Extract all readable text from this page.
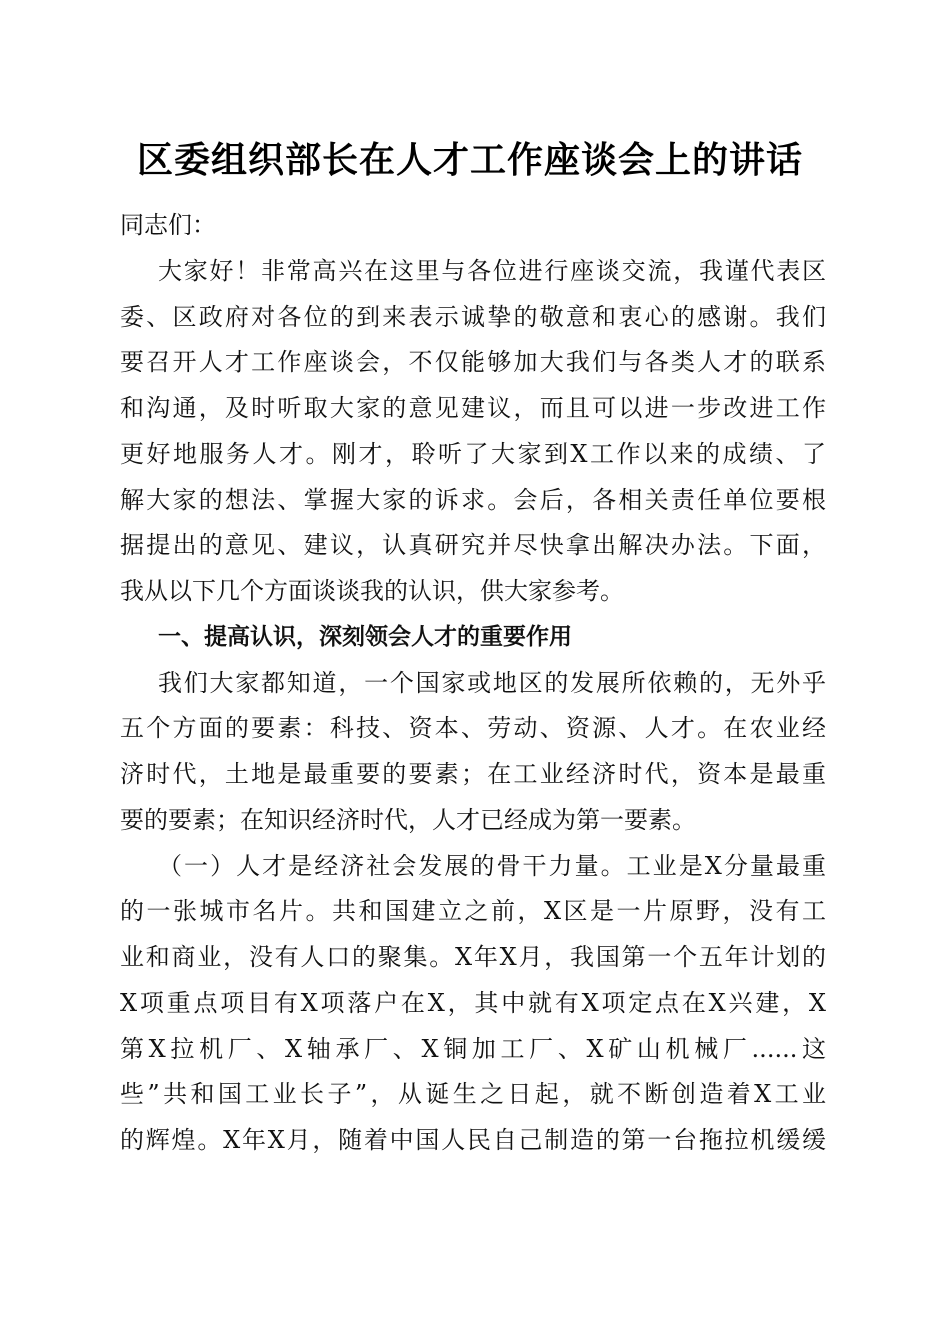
区委组织部长在人才工作座谈会上的讲话
同志们：
大家好！非常高兴在这里与各位进行座谈交流，我谨代表区
委、区政府对各位的到来表示诚挚的敬意和衷心的感谢。我们
要召开人才工作座谈会，不仅能够加大我们与各类人才的联系
和沟通，及时听取大家的意见建议，而且可以进一步改进工作
更好地服务人才。刚才，聆听了大家到X工作以来的成绩、了
解大家的想法、掌握大家的诉求。会后，各相关责任单位要根
据提出的意见、建议，认真研究并尽快拿出解决办法。下面，
我从以下几个方面谈谈我的认识，供大家参考。
一、提高认识，深刻领会人才的重要作用
我们大家都知道，一个国家或地区的发展所依赖的，无外乎
五个方面的要素：科技、资本、劳动、资源、人才。在农业经
济时代，土地是最重要的要素；在工业经济时代，资本是最重
要的要素；在知识经济时代，人才已经成为第一要素。
（一）人才是经济社会发展的骨干力量。工业是X分量最重
的一张城市名片。共和国建立之前，X区是一片原野，没有工
业和商业，没有人口的聚集。X年X月，我国第一个五年计划的
X项重点项目有X项落户在X，其中就有X项定点在X兴建，X
第X拉机厂、X轴承厂、X铜加工厂、X矿山机械厂......这
些”共和国工业长子”，从诞生之日起，就不断创造着X工业
的辉煌。X年X月，随着中国人民自己制造的第一台拖拉机缓缓
